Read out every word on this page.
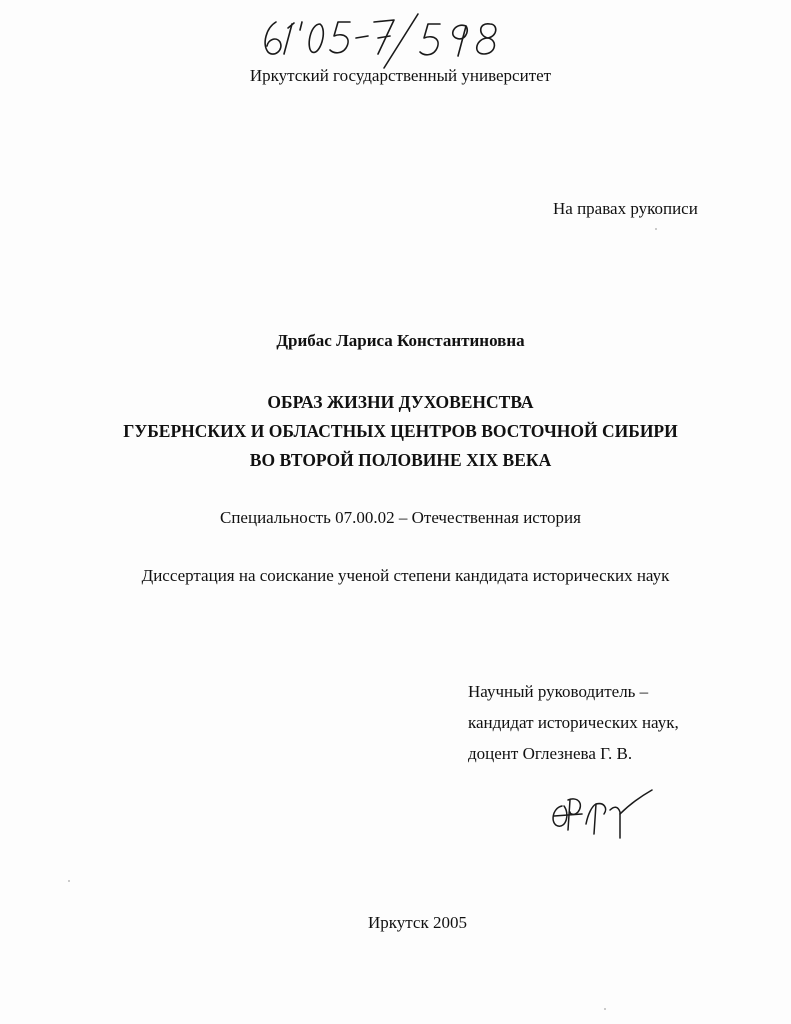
Иркутский государственный университет
На правах рукописи
Дрибас Лариса Константиновна
ОБРАЗ ЖИЗНИ ДУХОВЕНСТВА
ГУБЕРНСКИХ И ОБЛАСТНЫХ ЦЕНТРОВ ВОСТОЧНОЙ СИБИРИ
ВО ВТОРОЙ ПОЛОВИНЕ XIX ВЕКА
Специальность 07.00.02 – Отечественная история
Диссертация на соискание ученой степени кандидата исторических наук
Научный руководитель –
кандидат исторических наук,
доцент Оглезнева Г. В.
Иркутск 2005
